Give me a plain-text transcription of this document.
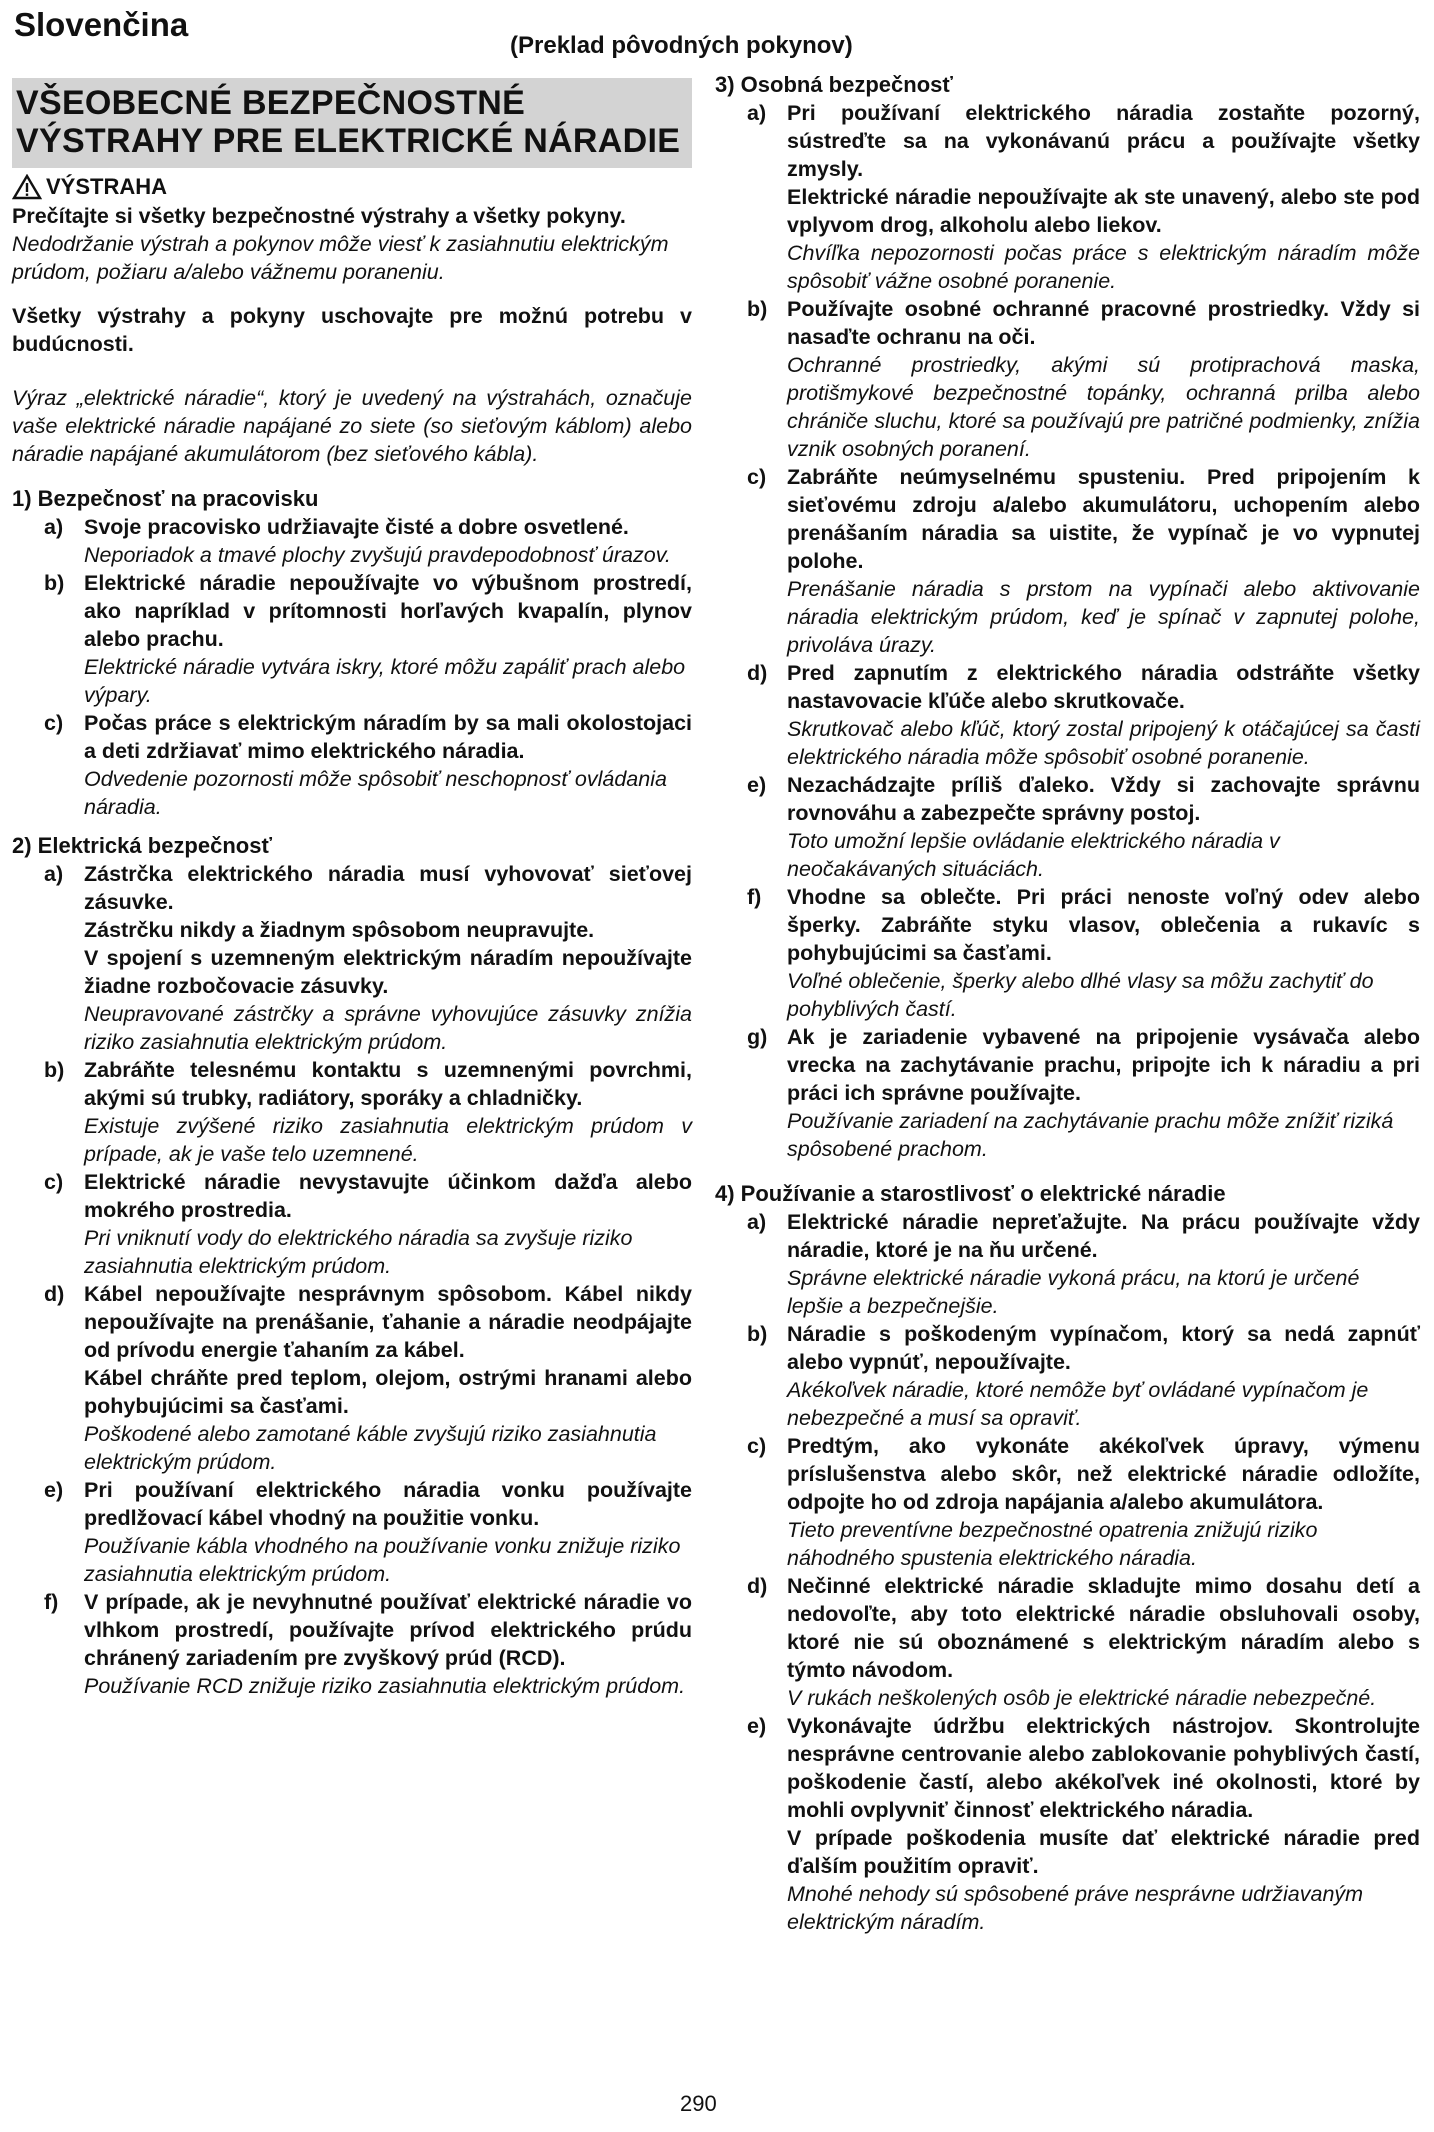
Slovenčina
(Preklad pôvodných pokynov)
VŠEOBECNÉ BEZPEČNOSTNÉ VÝSTRAHY PRE ELEKTRICKÉ NÁRADIE
VÝSTRAHA

Prečítajte si všetky bezpečnostné výstrahy a všetky pokyny.

Nedodržanie výstrah a pokynov môže viesť k zasiahnutiu elektrickým prúdom, požiaru a/alebo vážnemu poraneniu.

Všetky výstrahy a pokyny uschovajte pre možnú potrebu v budúcnosti.

Výraz „elektrické náradie“, ktorý je uvedený na výstrahách, označuje vaše elektrické náradie napájané zo siete (so sieťovým káblom) alebo náradie napájané akumulátorom (bez sieťového kábla).

1) Bezpečnosť na pracovisku

a) Svoje pracovisko udržiavajte čisté a dobre osvetlené.

Neporiadok a tmavé plochy zvyšujú pravdepodobnosť úrazov.

b) Elektrické náradie nepoužívajte vo výbušnom prostredí, ako napríklad v prítomnosti horľavých kvapalín, plynov alebo prachu.

Elektrické náradie vytvára iskry, ktoré môžu zapáliť prach alebo výpary.

c) Počas práce s elektrickým náradím by sa mali okolostojaci a deti zdržiavať mimo elektrického náradia.

Odvedenie pozornosti môže spôsobiť neschopnosť ovládania náradia.

2) Elektrická bezpečnosť

a) Zástrčka elektrického náradia musí vyhovovať sieťovej zásuvke.

Zástrčku nikdy a žiadnym spôsobom neupravujte.

V spojení s uzemneným elektrickým náradím nepoužívajte žiadne rozbočovacie zásuvky.

Neupravované zástrčky a správne vyhovujúce zásuvky znížia riziko zasiahnutia elektrickým prúdom.

b) Zabráňte telesnému kontaktu s uzemnenými povrchmi, akými sú trubky, radiátory, sporáky a chladničky.

Existuje zvýšené riziko zasiahnutia elektrickým prúdom v prípade, ak je vaše telo uzemnené.

c) Elektrické náradie nevystavujte účinkom dažďa alebo mokrého prostredia.

Pri vniknutí vody do elektrického náradia sa zvyšuje riziko zasiahnutia elektrickým prúdom.

d) Kábel nepoužívajte nesprávnym spôsobom. Kábel nikdy nepoužívajte na prenášanie, ťahanie a náradie neodpájajte od prívodu energie ťahaním za kábel.

Kábel chráňte pred teplom, olejom, ostrými hranami alebo pohybujúcimi sa časťami.

Poškodené alebo zamotané káble zvyšujú riziko zasiahnutia elektrickým prúdom.

e) Pri používaní elektrického náradia vonku používajte predlžovací kábel vhodný na použitie vonku.

Používanie kábla vhodného na používanie vonku znižuje riziko zasiahnutia elektrickým prúdom.

f)	V prípade, ak je nevyhnutné používať elektrické náradie vo vlhkom prostredí, používajte prívod elektrického prúdu chránený zariadením pre zvyškový prúd (RCD).

Používanie RCD znižuje riziko zasiahnutia elektrickým prúdom.

3) Osobná bezpečnosť

a) Pri používaní elektrického náradia zostaňte pozorný, sústreďte sa na vykonávanú prácu a používajte všetky zmysly.

Elektrické náradie nepoužívajte ak ste unavený, alebo ste pod vplyvom drog, alkoholu alebo liekov.

Chvíľka nepozornosti počas práce s elektrickým náradím môže spôsobiť vážne osobné poranenie.

b) Používajte osobné ochranné pracovné prostriedky. Vždy si nasaďte ochranu na oči.

Ochranné prostriedky, akými sú protiprachová maska, protišmykové bezpečnostné topánky, ochranná prilba alebo chrániče sluchu, ktoré sa používajú pre patričné podmienky, znížia vznik osobných poranení.

c) Zabráňte neúmyselnému spusteniu. Pred pripojením k sieťovému zdroju a/alebo akumulátoru, uchopením alebo prenášaním náradia sa uistite, že vypínač je vo vypnutej polohe.

Prenášanie náradia s prstom na vypínači alebo aktivovanie náradia elektrickým prúdom, keď je spínač v zapnutej polohe, privoláva úrazy.

d) Pred zapnutím z elektrického náradia odstráňte všetky nastavovacie kľúče alebo skrutkovače.

Skrutkovač alebo kľúč, ktorý zostal pripojený k otáčajúcej sa časti elektrického náradia môže spôsobiť osobné poranenie.

e) Nezachádzajte príliš ďaleko. Vždy si zachovajte správnu rovnováhu a zabezpečte správny postoj.

Toto umožní lepšie ovládanie elektrického náradia v neočakávaných situáciách.

f)	Vhodne sa oblečte. Pri práci nenoste voľný odev alebo šperky. Zabráňte styku vlasov, oblečenia a rukavíc s pohybujúcimi sa časťami.

Voľné oblečenie, šperky alebo dlhé vlasy sa môžu zachytiť do pohyblivých častí.

g) Ak je zariadenie vybavené na pripojenie vysávača alebo vrecka na zachytávanie prachu, pripojte ich k náradiu a pri práci ich správne používajte.

Používanie zariadení na zachytávanie prachu môže znížiť riziká spôsobené prachom.

4) Používanie a starostlivosť o elektrické náradie

a) Elektrické náradie nepreťažujte. Na prácu používajte vždy náradie, ktoré je na ňu určené.

Správne elektrické náradie vykoná prácu, na ktorú je určené lepšie a bezpečnejšie.

b) Náradie s poškodeným vypínačom, ktorý sa nedá zapnúť alebo vypnúť, nepoužívajte.

Akékoľvek náradie, ktoré nemôže byť ovládané vypínačom je nebezpečné a musí sa opraviť.

c) Predtým, ako vykonáte akékoľvek úpravy, výmenu príslušenstva alebo skôr, než elektrické náradie odložíte, odpojte ho od zdroja napájania a/alebo akumulátora.

Tieto preventívne bezpečnostné opatrenia znižujú riziko náhodného spustenia elektrického náradia.

d) Nečinné elektrické náradie skladujte mimo dosahu detí a nedovoľte, aby toto elektrické náradie obsluhovali osoby, ktoré nie sú oboznámené s elektrickým náradím alebo s týmto návodom.

V rukách neškolených osôb je elektrické náradie nebezpečné.

e) Vykonávajte údržbu elektrických nástrojov. Skontrolujte nesprávne centrovanie alebo zablokovanie pohyblivých častí, poškodenie častí, alebo akékoľvek iné okolnosti, ktoré by mohli ovplyvniť činnosť elektrického náradia.

V prípade poškodenia musíte dať elektrické náradie pred ďalším použitím opraviť.

Mnohé nehody sú spôsobené práve nesprávne udržiavaným elektrickým náradím.

290
